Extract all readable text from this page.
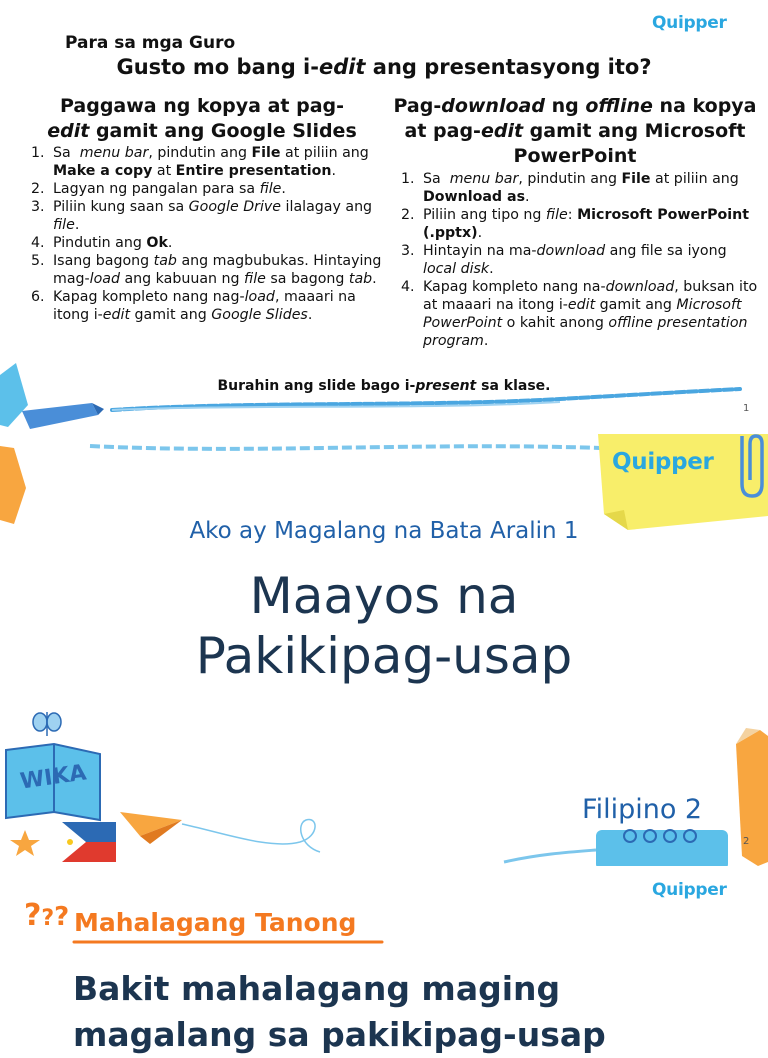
Quipper
Para sa mga Guro
Gusto mo bang i-edit ang presentasyong ito?
Paggawa ng kopya at pag-
edit gamit ang Google Slides
1. Sa  menu bar, pindutin ang File at piliin ang Make a copy at Entire presentation.
2. Lagyan ng pangalan para sa file.
3. Piliin kung saan sa Google Drive ilalagay ang file.
4. Pindutin ang Ok.
5. Isang bagong tab ang magbubukas. Hintaying mag-load ang kabuuan ng file sa bagong tab.
6. Kapag kompleto nang nag-load, maaari na itong i-edit gamit ang Google Slides.
Pag-download ng offline na kopya at pag-edit gamit ang Microsoft PowerPoint
1. Sa  menu bar, pindutin ang File at piliin ang Download as.
2. Piliin ang tipo ng file: Microsoft PowerPoint (.pptx).
3. Hintayin na ma-download ang file sa iyong local disk.
4. Kapag kompleto nang na-download, buksan ito at maaari na itong i-edit gamit ang Microsoft PowerPoint o kahit anong offline presentation program.
Burahin ang slide bago i-present sa klase.
1
Quipper
WIKA
Ako ay Magalang na Bata Aralin 1
Maayos na
Pakikipag-usap
Filipino 2
2
Quipper
??? Mahalagang Tanong
Bakit mahalagang maging
magalang sa pakikipag-usap
